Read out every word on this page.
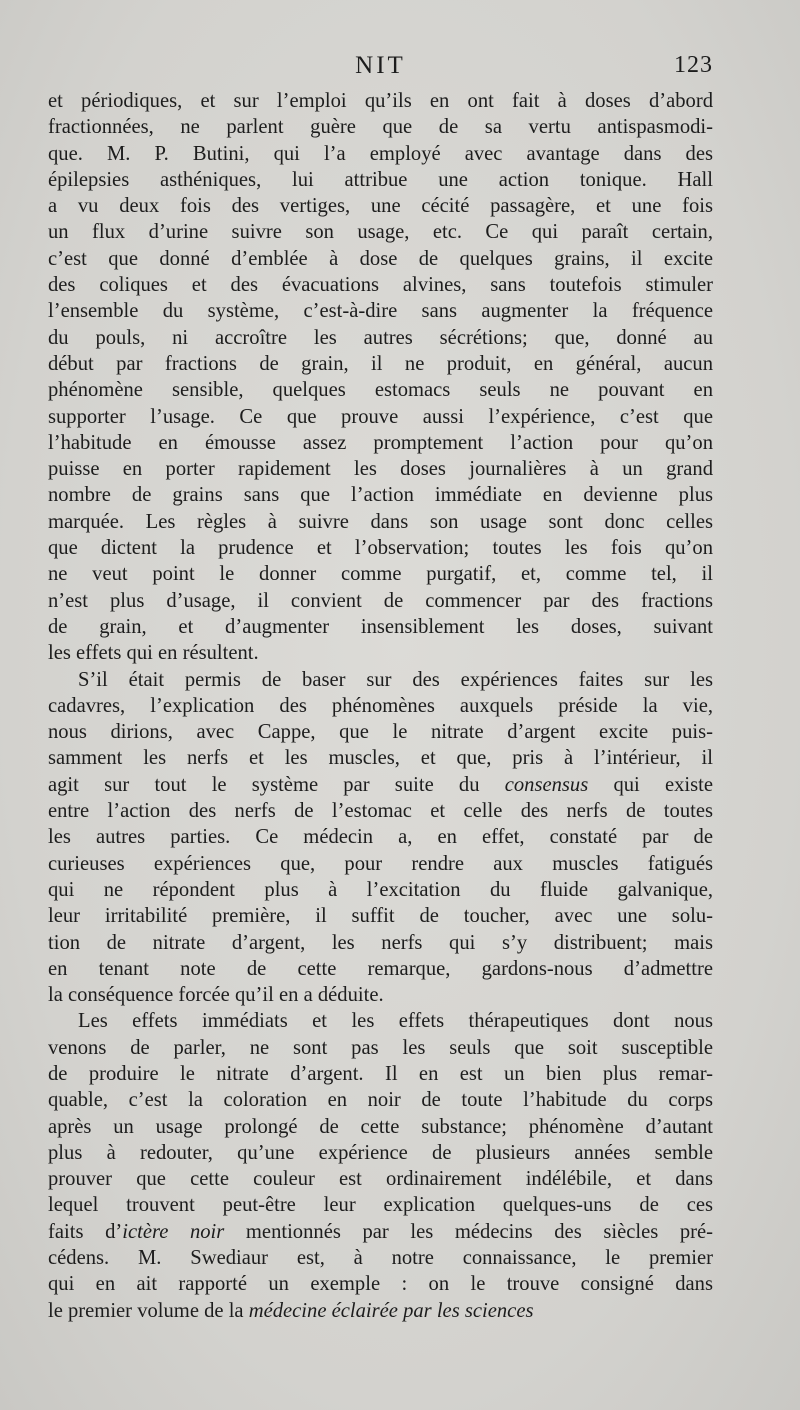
NIT	123
et périodiques, et sur l’emploi qu’ils en ont fait à doses d’abord
fractionnées, ne parlent guère que de sa vertu antispasmodi-
que. M. P. Butini, qui l’a employé avec avantage dans des
épilepsies asthéniques, lui attribue une action tonique. Hall
a vu deux fois des vertiges, une cécité passagère, et une fois
un flux d’urine suivre son usage, etc. Ce qui paraît certain,
c’est que donné d’emblée à dose de quelques grains, il excite
des coliques et des évacuations alvines, sans toutefois stimuler
l’ensemble du système, c’est-à-dire sans augmenter la fréquence
du pouls, ni accroître les autres sécrétions; que, donné au
début par fractions de grain, il ne produit, en général, aucun
phénomène sensible, quelques estomacs seuls ne pouvant en
supporter l’usage. Ce que prouve aussi l’expérience, c’est que
l’habitude en émousse assez promptement l’action pour qu’on
puisse en porter rapidement les doses journalières à un grand
nombre de grains sans que l’action immédiate en devienne plus
marquée. Les règles à suivre dans son usage sont donc celles
que dictent la prudence et l’observation; toutes les fois qu’on
ne veut point le donner comme purgatif, et, comme tel, il
n’est plus d’usage, il convient de commencer par des fractions
de grain, et d’augmenter insensiblement les doses, suivant
les effets qui en résultent.
S’il était permis de baser sur des expériences faites sur les
cadavres, l’explication des phénomènes auxquels préside la vie,
nous dirions, avec Cappe, que le nitrate d’argent excite puis-
samment les nerfs et les muscles, et que, pris à l’intérieur, il
agit sur tout le système par suite du consensus qui existe
entre l’action des nerfs de l’estomac et celle des nerfs de toutes
les autres parties. Ce médecin a, en effet, constaté par de
curieuses expériences que, pour rendre aux muscles fatigués
qui ne répondent plus à l’excitation du fluide galvanique,
leur irritabilité première, il suffit de toucher, avec une solu-
tion de nitrate d’argent, les nerfs qui s’y distribuent; mais
en tenant note de cette remarque, gardons-nous d’admettre
la conséquence forcée qu’il en a déduite.
Les effets immédiats et les effets thérapeutiques dont nous
venons de parler, ne sont pas les seuls que soit susceptible
de produire le nitrate d’argent. Il en est un bien plus remar-
quable, c’est la coloration en noir de toute l’habitude du corps
après un usage prolongé de cette substance; phénomène d’autant
plus à redouter, qu’une expérience de plusieurs années semble
prouver que cette couleur est ordinairement indélébile, et dans
lequel trouvent peut-être leur explication quelques-uns de ces
faits d’ictère noir mentionnés par les médecins des siècles pré-
cédens. M. Swediaur est, à notre connaissance, le premier
qui en ait rapporté un exemple : on le trouve consigné dans
le premier volume de la médecine éclairée par les sciences
